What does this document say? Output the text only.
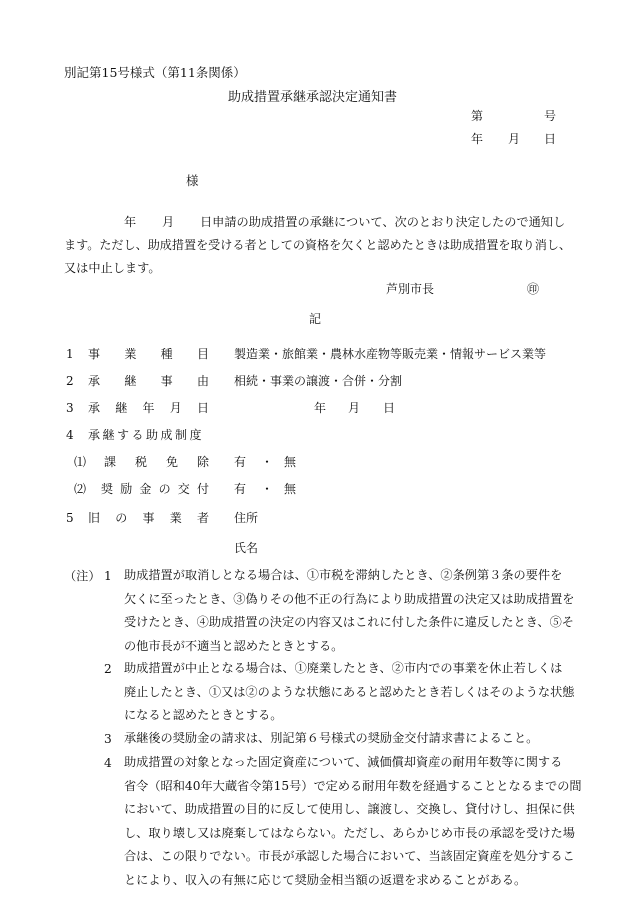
別記第15号様式（第11条関係）
助成措置承継承認決定通知書
第	号
年 月 日
様
年 月 日申請の助成措置の承継について、次のとおり決定したので通知し
ます。ただし、助成措置を受ける者としての資格を欠くと認めたときは助成措置を取り消し、
又は中止します。
芦別市長	㊞
記
1 事 業 種 目 製造業・旅館業・農林水産物等販売業・情報サービス業等
2 承 継 事 由 相続・事業の譲渡・合併・分割
3 承 継 年 月 日	年 月 日
4 承継する助成制度
⑴ 課 税 免 除 有 ・ 無
⑵ 奨 励 金 の 交 付 有 ・ 無
5 旧 の 事 業 者 住所
氏名
（注） 1 助成措置が取消しとなる場合は、①市税を滞納したとき、②条例第３条の要件を
欠くに至ったとき、③偽りその他不正の行為により助成措置の決定又は助成措置を
受けたとき、④助成措置の決定の内容又はこれに付した条件に違反したとき、⑤そ
の他市長が不適当と認めたときとする。
2 助成措置が中止となる場合は、①廃業したとき、②市内での事業を休止若しくは
廃止したとき、①又は②のような状態にあると認めたとき若しくはそのような状態
になると認めたときとする。
3 承継後の奨励金の請求は、別記第６号様式の奨励金交付請求書によること。
4 助成措置の対象となった固定資産について、減価償却資産の耐用年数等に関する
省令（昭和40年大蔵省令第15号）で定める耐用年数を経過することとなるまでの間
において、助成措置の目的に反して使用し、譲渡し、交換し、貸付けし、担保に供
し、取り壊し又は廃棄してはならない。ただし、あらかじめ市長の承認を受けた場
合は、この限りでない。市長が承認した場合において、当該固定資産を処分するこ
とにより、収入の有無に応じて奨励金相当額の返還を求めることがある。
